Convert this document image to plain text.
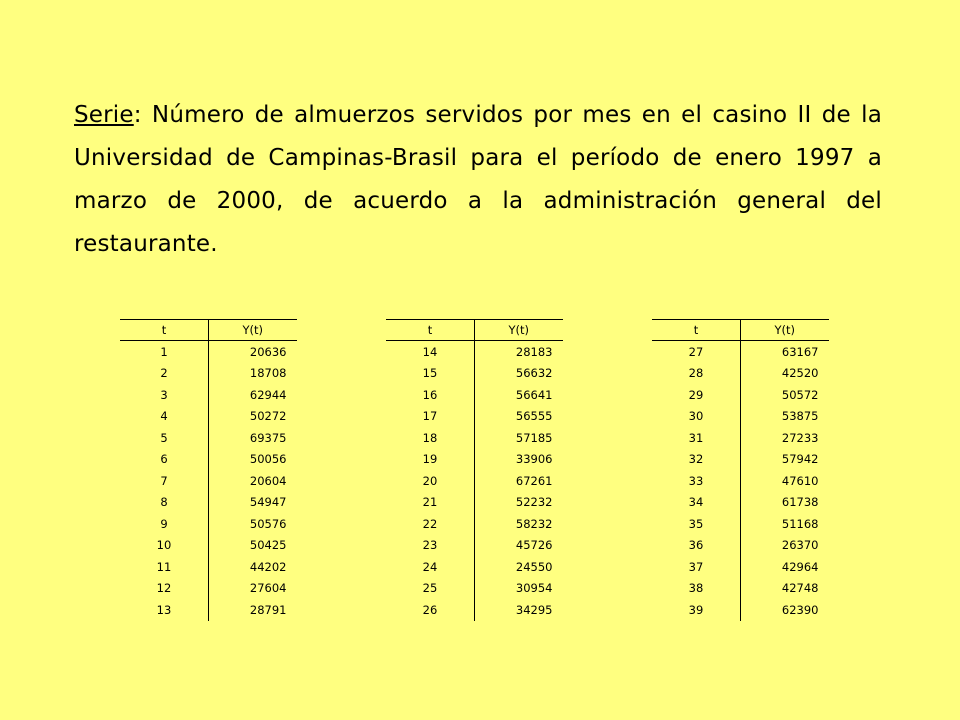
Serie: Número de almuerzos servidos por mes en el casino II de la Universidad de Campinas-Brasil para el período de enero 1997 a marzo de 2000, de acuerdo a la administración general del restaurante.
t	Y(t)
1	20636
2	18708
3	62944
4	50272
5	69375
6	50056
7	20604
8	54947
9	50576
10	50425
11	44202
12	27604
13	28791
t	Y(t)
14	28183
15	56632
16	56641
17	56555
18	57185
19	33906
20	67261
21	52232
22	58232
23	45726
24	24550
25	30954
26	34295
t	Y(t)
27	63167
28	42520
29	50572
30	53875
31	27233
32	57942
33	47610
34	61738
35	51168
36	26370
37	42964
38	42748
39	62390
